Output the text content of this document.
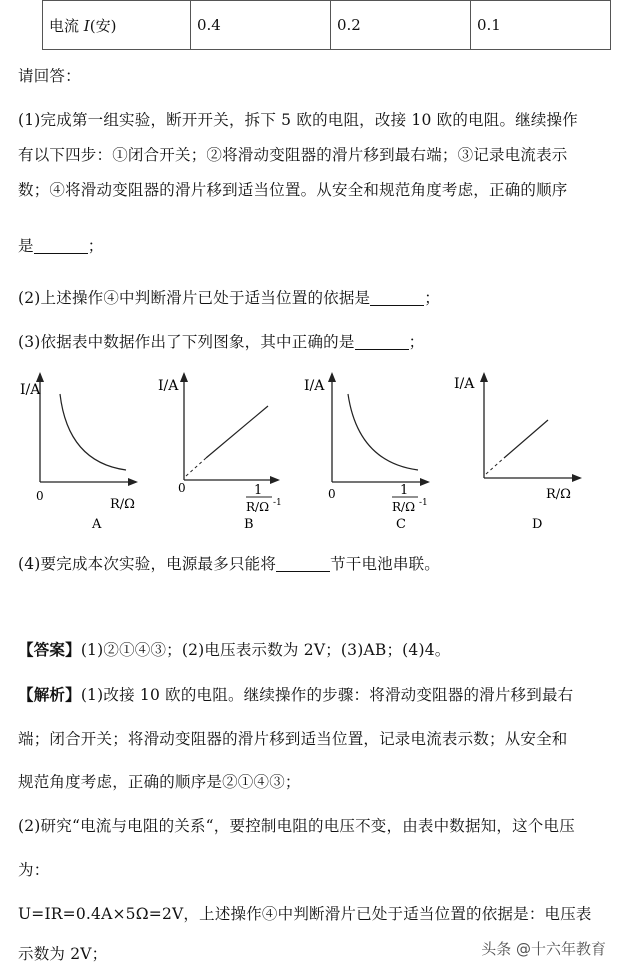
电流 I(安)	0.4	0.2	0.1
请回答：
(1)完成第一组实验，断开开关，拆下 5 欧的电阻，改接 10 欧的电阻。继续操作
有以下四步：①闭合开关；②将滑动变阻器的滑片移到最右端；③记录电流表示
数；④将滑动变阻器的滑片移到适当位置。从安全和规范角度考虑，正确的顺序
是	；
(2)上述操作④中判断滑片已处于适当位置的依据是	；
(3)依据表中数据作出了下列图象，其中正确的是	；
I/A
0
R/Ω
A
I/A
0	1
R/Ω -1
B
I/A
0	1
R/Ω -1
C
I/A
R/Ω
D
(4)要完成本次实验，电源最多只能将	节干电池串联。
【答案】(1)②①④③；(2)电压表示数为 2V；(3)AB；(4)4。
【解析】(1)改接 10 欧的电阻。继续操作的步骤：将滑动变阻器的滑片移到最右
端；闭合开关；将滑动变阻器的滑片移到适当位置，记录电流表示数；从安全和
规范角度考虑，正确的顺序是②①④③；
(2)研究“电流与电阻的关系“，要控制电阻的电压不变，由表中数据知，这个电压
为：
U=IR=0.4A×5Ω=2V，上述操作④中判断滑片已处于适当位置的依据是：电压表
示数为 2V；	头条 @十六年教育
